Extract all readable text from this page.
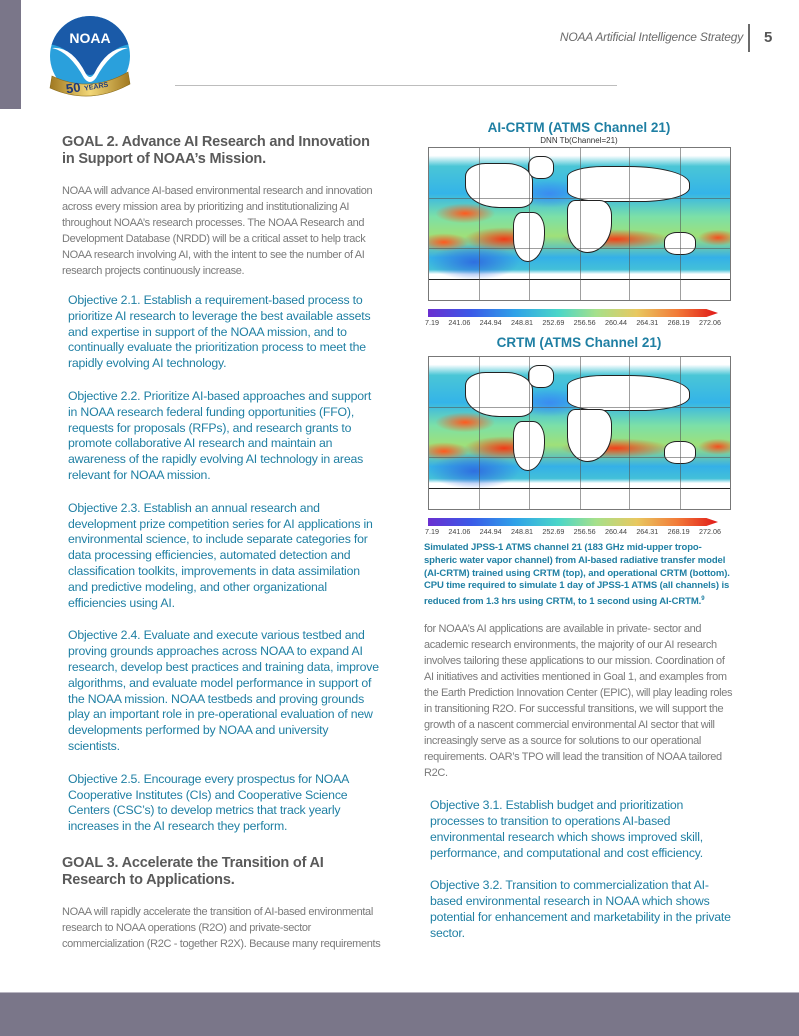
NOAA
50 YEARS
NOAA Artificial Intelligence Strategy 5
GOAL 2. Advance AI Research and Innovation in Support of NOAA’s Mission.

NOAA will advance AI-based environmental research and innovation across every mission area by prioritizing and institutionalizing AI throughout NOAA’s research processes. The NOAA Research and Development Database (NRDD) will be a critical asset to help track NOAA research involving AI, with the intent to see the number of AI research projects continuously increase.

Objective 2.1. Establish a requirement-based process to prioritize AI research to leverage the best available assets and expertise in support of the NOAA mission, and to continually evaluate the prioritization process to meet the rapidly evolving AI technology.

Objective 2.2. Prioritize AI-based approaches and support in NOAA research federal funding opportunities (FFO), requests for proposals (RFPs), and research grants to promote collaborative AI research and maintain an awareness of the rapidly evolving AI technology in areas relevant for NOAA mission.

Objective 2.3. Establish an annual research and development prize competition series for AI applications in environmental science, to include separate categories for data processing efficiencies, automated detection and classification toolkits, improvements in data assimilation and predictive modeling, and other organizational efficiencies using AI.

Objective 2.4. Evaluate and execute various testbed and proving grounds approaches across NOAA to expand AI research, develop best practices and training data, improve algorithms, and evaluate model performance in support of the NOAA mission. NOAA testbeds and proving grounds play an important role in pre-operational evaluation of new developments performed by NOAA and university scientists.

Objective 2.5. Encourage every prospectus for NOAA Cooperative Institutes (CIs) and Cooperative Science Centers (CSC’s) to develop metrics that track yearly increases in the AI research they perform.

GOAL 3. Accelerate the Transition of AI Research to Applications.

NOAA will rapidly accelerate the transition of AI-based environmental research to NOAA operations (R2O) and private-sector commercialization (R2C - together R2X). Because many requirements

AI-CRTM (ATMS Channel 21)

DNN Tb(Channel=21)

7.19 241.06 244.94 248.81 252.69 256.56 260.44 264.31 268.19 272.06

CRTM (ATMS Channel 21)

7.19 241.06 244.94 248.81 252.69 256.56 260.44 264.31 268.19 272.06

Simulated JPSS-1 ATMS channel 21 (183 GHz mid-upper tropo-spheric water vapor channel) from AI-based radiative transfer model (AI-CRTM) trained using CRTM (top), and operational CRTM (bottom). CPU time required to simulate 1 day of JPSS-1 ATMS (all channels) is reduced from 1.3 hrs using CRTM, to 1 second using AI-CRTM.$^9$

for NOAA’s AI applications are available in private- sector and academic research environments, the majority of our AI research involves tailoring these applications to our mission. Coordination of AI initiatives and activities mentioned in Goal 1, and examples from the Earth Prediction Innovation Center (EPIC), will play leading roles in transitioning R2O. For successful transitions, we will support the growth of a nascent commercial environmental AI sector that will increasingly serve as a source for solutions to our operational requirements. OAR’s TPO will lead the transition of NOAA tailored R2C.

Objective 3.1. Establish budget and prioritization processes to transition to operations AI-based environmental research which shows improved skill, performance, and computational and cost efficiency.

Objective 3.2. Transition to commercialization that AI-based environmental research in NOAA which shows potential for enhancement and marketability in the private sector.
